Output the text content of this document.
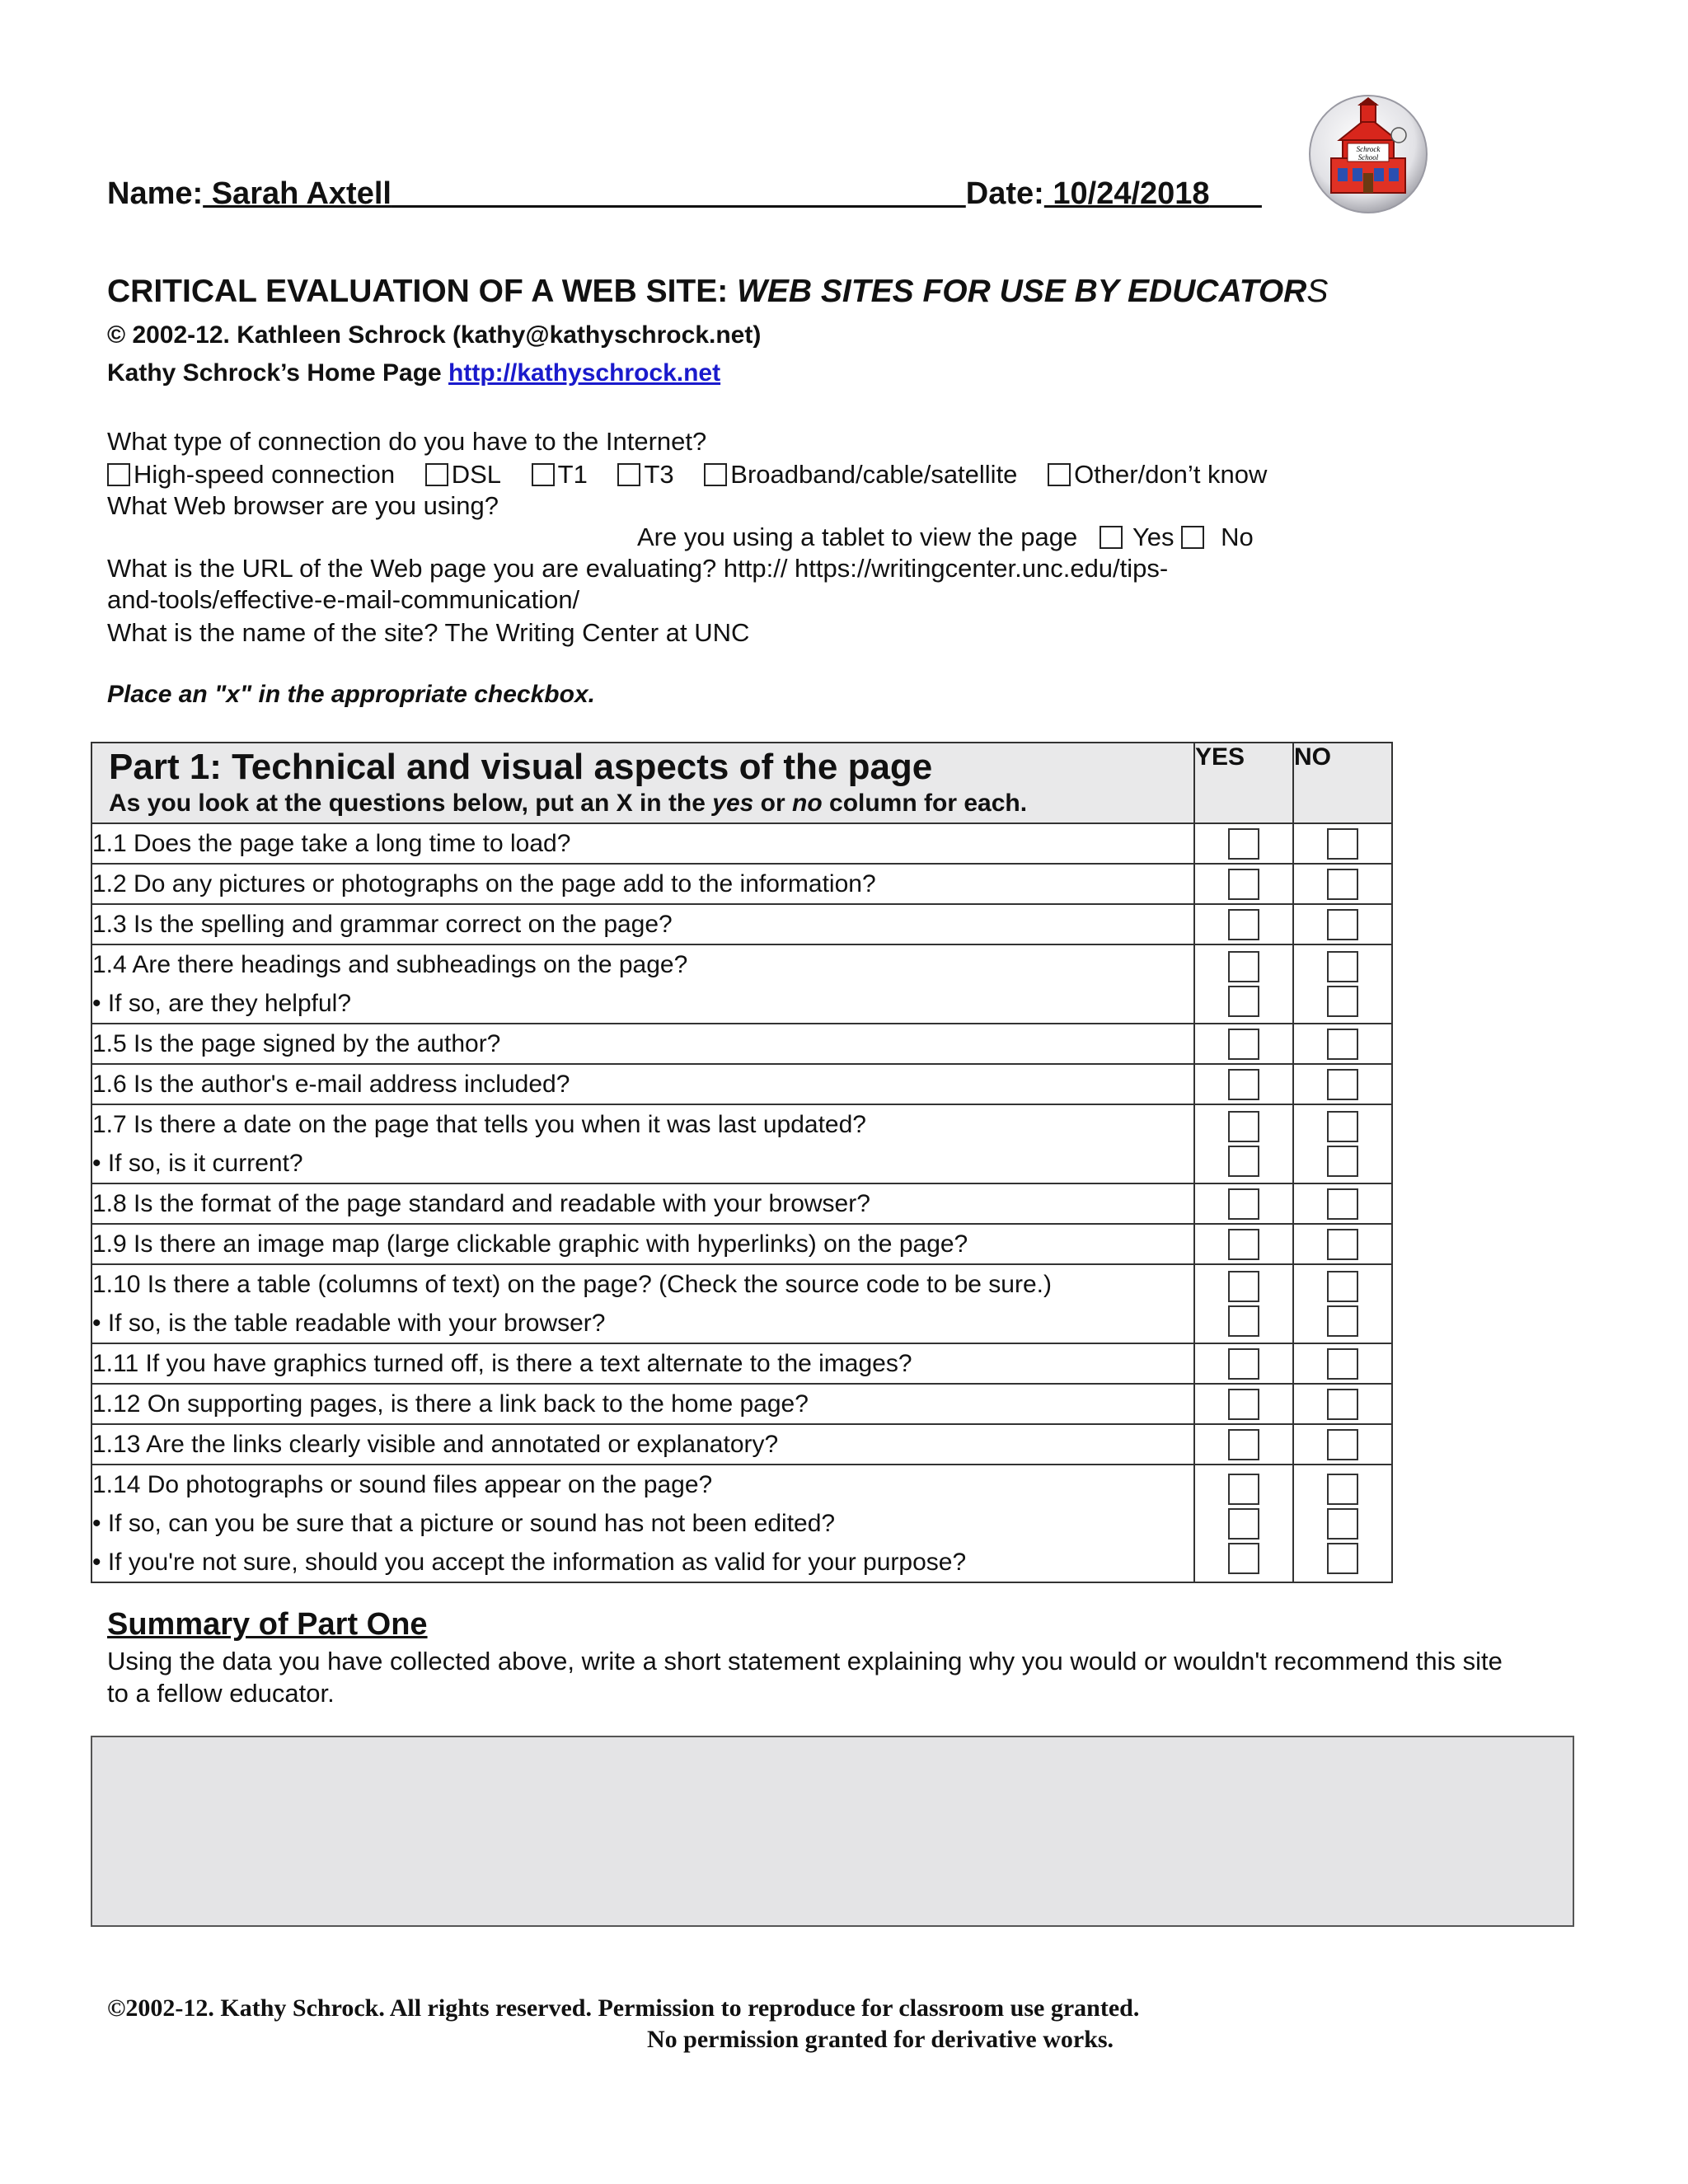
Name: Sarah Axtell	Date: 10/24/2018
Schrock
School
CRITICAL EVALUATION OF A WEB SITE: WEB SITES FOR USE BY EDUCATORS
© 2002-12. Kathleen Schrock (kathy@kathyschrock.net)
Kathy Schrock’s Home Page http://kathyschrock.net
What type of connection do you have to the Internet?
High-speed connection DSL T1 T3 Broadband/cable/satellite Other/don’t know
What Web browser are you using?
Are you using a tablet to view the page Yes No
What is the URL of the Web page you are evaluating? http:// https://writingcenter.unc.edu/tips-
and-tools/effective-e-mail-communication/
What is the name of the site? The Writing Center at UNC
Place an "x" in the appropriate checkbox.
Part 1: Technical and visual aspects of the page
As you look at the questions below, put an X in the yes or no column for each.	YES	NO

1.1 Does the page take a long time to load?		

1.2 Do any pictures or photographs on the page add to the information?		

1.3 Is the spelling and grammar correct on the page?		

1.4 Are there headings and subheadings on the page?
• If so, are they helpful?		

1.5 Is the page signed by the author?		

1.6 Is the author's e-mail address included?		

1.7 Is there a date on the page that tells you when it was last updated?
• If so, is it current?		

1.8 Is the format of the page standard and readable with your browser?		

1.9 Is there an image map (large clickable graphic with hyperlinks) on the page?		

1.10 Is there a table (columns of text) on the page? (Check the source code to be sure.)
• If so, is the table readable with your browser?		

1.11 If you have graphics turned off, is there a text alternate to the images?		

1.12 On supporting pages, is there a link back to the home page?		

1.13 Are the links clearly visible and annotated or explanatory?		

1.14 Do photographs or sound files appear on the page?
• If so, can you be sure that a picture or sound has not been edited?
• If you're not sure, should you accept the information as valid for your purpose?		

Summary of Part One
Using the data you have collected above, write a short statement explaining why you would or wouldn't recommend this site to a fellow educator.
©2002-12. Kathy Schrock. All rights reserved. Permission to reproduce for classroom use granted.
No permission granted for derivative works.
